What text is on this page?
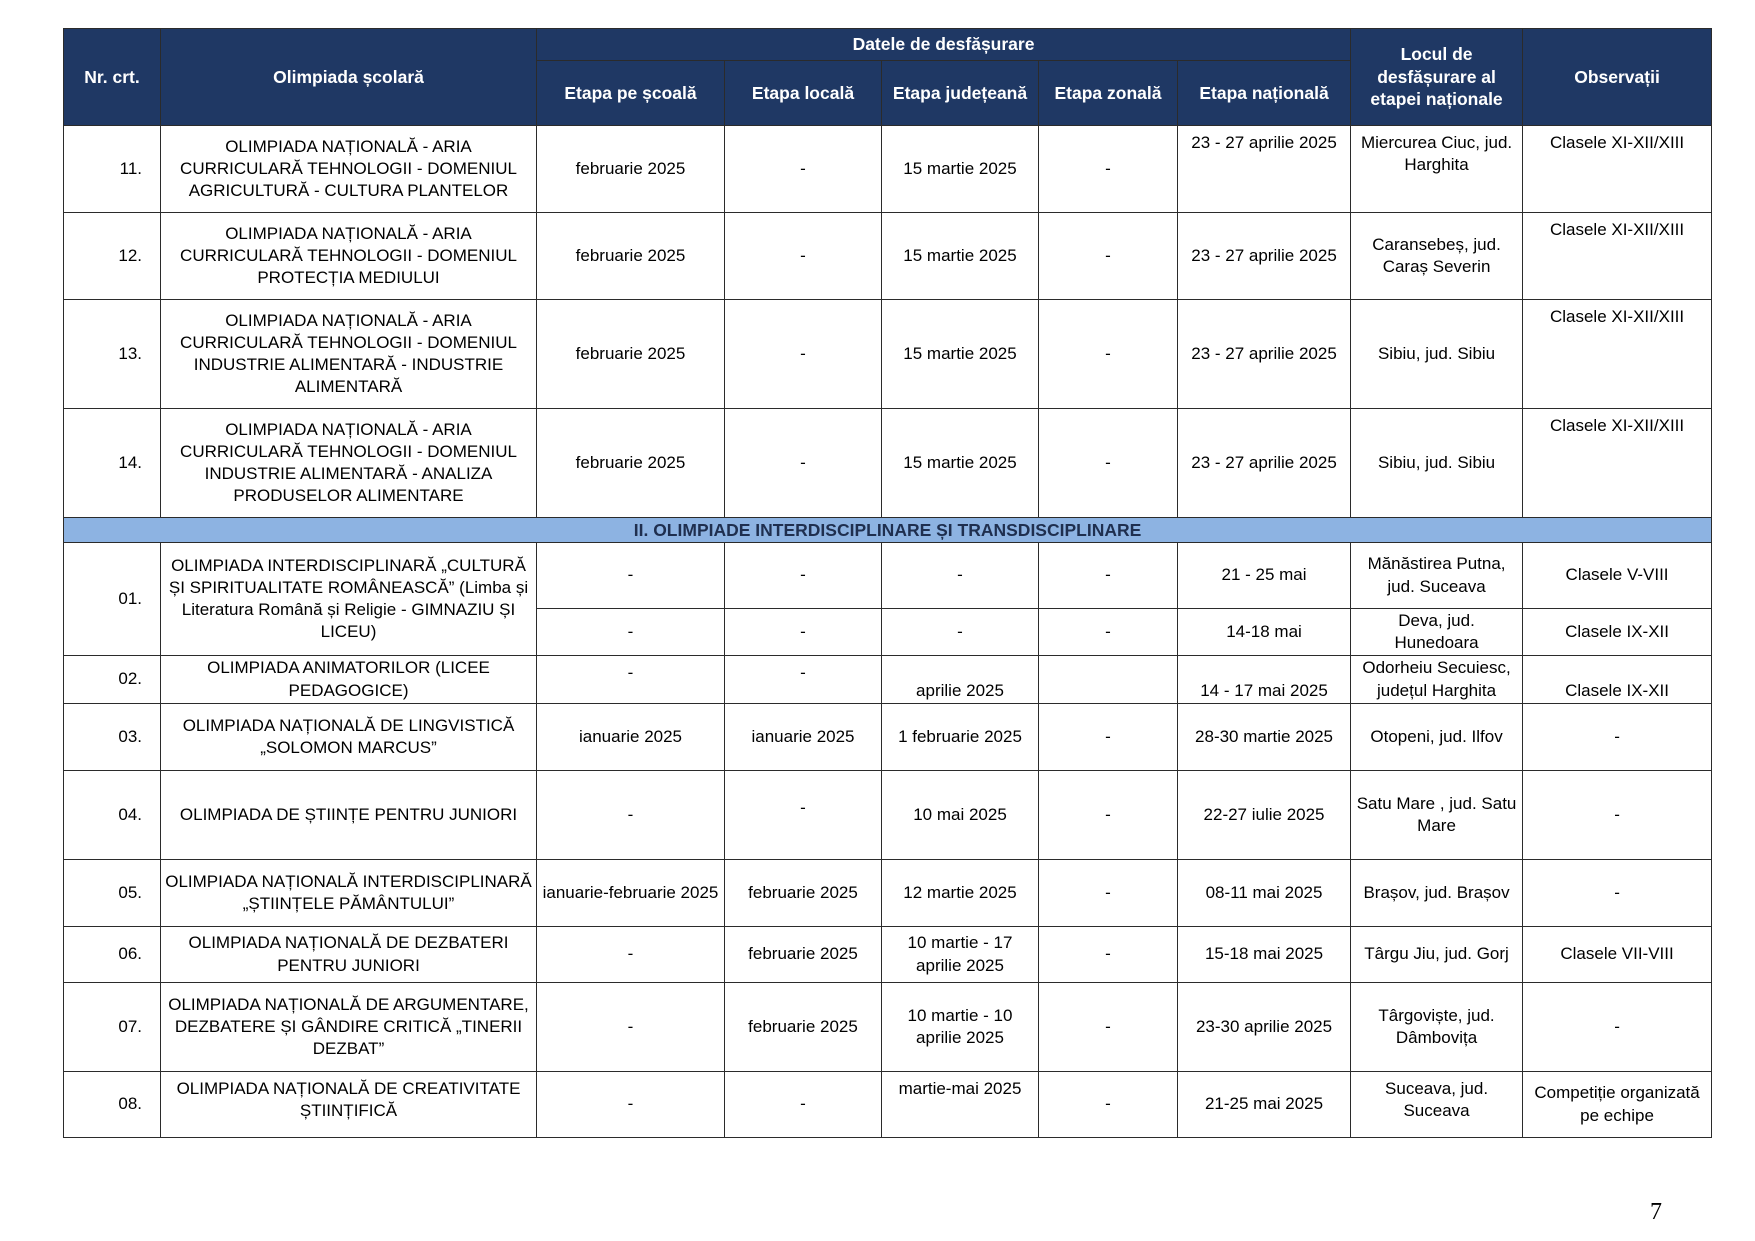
Nr. crt.	Olimpiada școlară	Datele de desfășurare					Locul de desfășurare al etapei naționale	Observații
		Etapa pe școală	Etapa locală	Etapa județeană	Etapa zonală	Etapa națională		
11.	OLIMPIADA NAȚIONALĂ - ARIA CURRICULARĂ TEHNOLOGII - DOMENIUL AGRICULTURĂ - CULTURA PLANTELOR	februarie 2025	-	15 martie 2025	-	23 - 27 aprilie 2025	Miercurea Ciuc, jud. Harghita	Clasele XI-XII/XIII
12.	OLIMPIADA NAȚIONALĂ - ARIA CURRICULARĂ TEHNOLOGII - DOMENIUL PROTECȚIA MEDIULUI	februarie 2025	-	15 martie 2025	-	23 - 27 aprilie 2025	Caransebeș, jud. Caraș Severin	Clasele XI-XII/XIII
13.	OLIMPIADA NAȚIONALĂ - ARIA CURRICULARĂ TEHNOLOGII - DOMENIUL INDUSTRIE ALIMENTARĂ - INDUSTRIE ALIMENTARĂ	februarie 2025	-	15 martie 2025	-	23 - 27 aprilie 2025	Sibiu, jud. Sibiu	Clasele XI-XII/XIII
14.	OLIMPIADA NAȚIONALĂ - ARIA CURRICULARĂ TEHNOLOGII - DOMENIUL INDUSTRIE ALIMENTARĂ - ANALIZA PRODUSELOR ALIMENTARE	februarie 2025	-	15 martie 2025	-	23 - 27 aprilie 2025	Sibiu, jud. Sibiu	Clasele XI-XII/XIII
II. OLIMPIADE INTERDISCIPLINARE ȘI TRANSDISCIPLINARE								
01.	OLIMPIADA INTERDISCIPLINARĂ „CULTURĂ ȘI SPIRITUALITATE ROMÂNEASCĂ” (Limba și Literatura Română și Religie - GIMNAZIU ȘI LICEU)	-	-	-	-	21 - 25 mai	Mănăstirea Putna, jud. Suceava	Clasele V-VIII
		-	-	-	-	14-18 mai	Deva, jud. Hunedoara	Clasele IX-XII
02.	OLIMPIADA ANIMATORILOR (LICEE PEDAGOGICE)	-	-	aprilie 2025		14 - 17 mai 2025	Odorheiu Secuiesc, județul Harghita	Clasele IX-XII
03.	OLIMPIADA NAȚIONALĂ DE LINGVISTICĂ „SOLOMON MARCUS”	ianuarie 2025	ianuarie 2025	1 februarie 2025	-	28-30 martie 2025	Otopeni, jud. Ilfov	-
04.	OLIMPIADA DE ȘTIINȚE PENTRU JUNIORI	-	-	10 mai 2025	-	22-27 iulie 2025	Satu Mare , jud. Satu Mare	-
05.	OLIMPIADA NAȚIONALĂ INTERDISCIPLINARĂ „ȘTIINȚELE PĂMÂNTULUI”	ianuarie-februarie 2025	februarie 2025	12 martie 2025	-	08-11 mai 2025	Brașov, jud. Brașov	-
06.	OLIMPIADA NAȚIONALĂ DE DEZBATERI PENTRU JUNIORI	-	februarie 2025	10 martie - 17 aprilie 2025	-	15-18 mai 2025	Târgu Jiu, jud. Gorj	Clasele VII-VIII
07.	OLIMPIADA NAȚIONALĂ DE ARGUMENTARE, DEZBATERE ȘI GÂNDIRE CRITICĂ „TINERII DEZBAT”	-	februarie 2025	10 martie - 10 aprilie 2025	-	23-30 aprilie 2025	Târgoviște, jud. Dâmbovița	-
08.	OLIMPIADA NAȚIONALĂ DE CREATIVITATE ȘTIINȚIFICĂ	-	-	martie-mai 2025	-	21-25 mai 2025	Suceava, jud. Suceava	Competiție organizată pe echipe
7
